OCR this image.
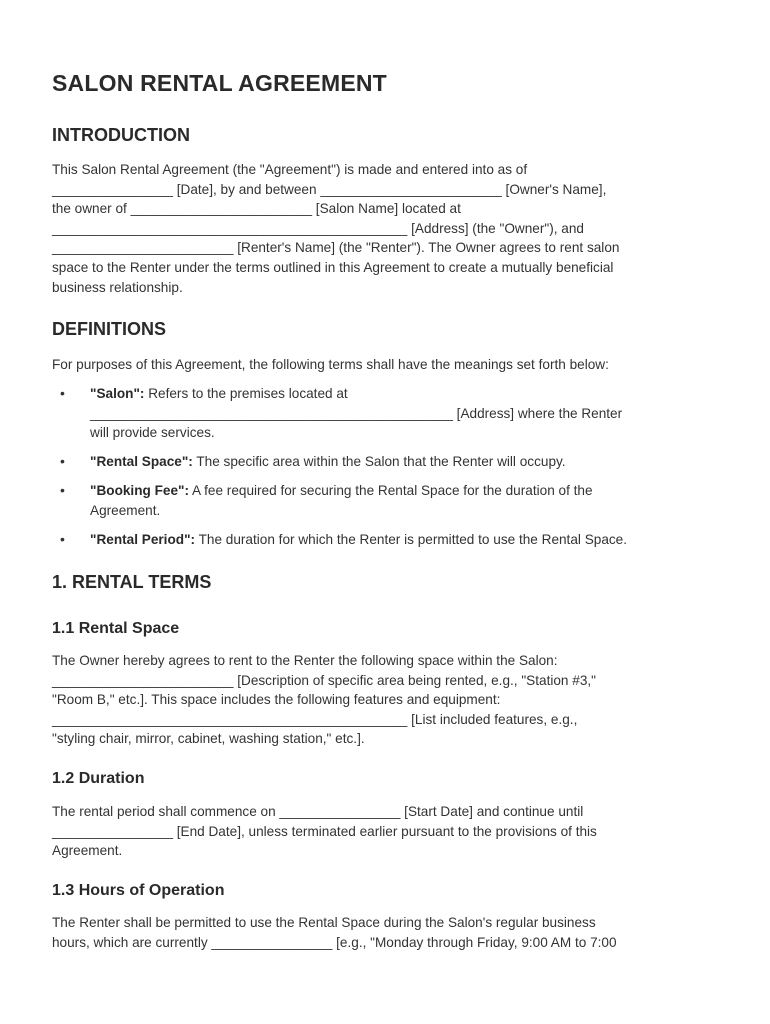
SALON RENTAL AGREEMENT
INTRODUCTION

This Salon Rental Agreement (the "Agreement") is made and entered into as of
________________ [Date], by and between ________________________ [Owner's Name],
the owner of ________________________ [Salon Name] located at
_______________________________________________ [Address] (the "Owner"), and
________________________ [Renter's Name] (the "Renter"). The Owner agrees to rent salon
space to the Renter under the terms outlined in this Agreement to create a mutually beneficial
business relationship.

DEFINITIONS

For purposes of this Agreement, the following terms shall have the meanings set forth below:

• "Salon": Refers to the premises located at
________________________________________________ [Address] where the Renter
will provide services.
• "Rental Space": The specific area within the Salon that the Renter will occupy.
• "Booking Fee": A fee required for securing the Rental Space for the duration of the
Agreement.
• "Rental Period": The duration for which the Renter is permitted to use the Rental Space.
1. RENTAL TERMS
1.1 Rental Space

The Owner hereby agrees to rent to the Renter the following space within the Salon:
________________________ [Description of specific area being rented, e.g., "Station #3,"
"Room B," etc.]. This space includes the following features and equipment:
_______________________________________________ [List included features, e.g.,
"styling chair, mirror, cabinet, washing station," etc.].

1.2 Duration

The rental period shall commence on ________________ [Start Date] and continue until
________________ [End Date], unless terminated earlier pursuant to the provisions of this
Agreement.

1.3 Hours of Operation

The Renter shall be permitted to use the Rental Space during the Salon's regular business
hours, which are currently ________________ [e.g., "Monday through Friday, 9:00 AM to 7:00
